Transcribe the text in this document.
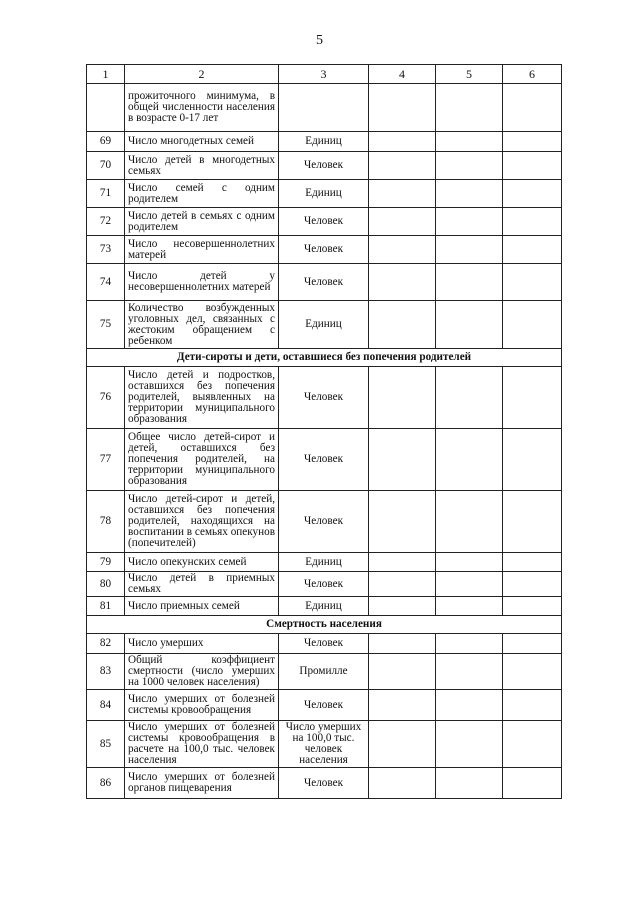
5
1	2	3	4	5	6
	прожиточного минимума, в общей численности населения в возрасте 0-17 лет				
69	Число многодетных семей	Единиц			
70	Число детей в многодетных семьях	Человек			
71	Число семей с одним родителем	Единиц			
72	Число детей в семьях с одним родителем	Человек			
73	Число несовершеннолетних матерей	Человек			
74	Число детей у несовершеннолетних матерей	Человек			
75	Количество возбужденных уголовных дел, связанных с жестоким обращением с ребенком	Единиц			
Дети-сироты и дети, оставшиеся без попечения родителей					
76	Число детей и подростков, оставшихся без попечения родителей, выявленных на территории муниципального образования	Человек			
77	Общее число детей-сирот и детей, оставшихся без попечения родителей, на территории муниципального образования	Человек			
78	Число детей-сирот и детей, оставшихся без попечения родителей, находящихся на воспитании в семьях опекунов (попечителей)	Человек			
79	Число опекунских семей	Единиц			
80	Число детей в приемных семьях	Человек			
81	Число приемных семей	Единиц			
Смертность населения					
82	Число умерших	Человек			
83	Общий коэффициент смертности (число умерших на 1000 человек населения)	Промилле			
84	Число умерших от болезней системы кровообращения	Человек			
85	Число умерших от болезней системы кровообращения в расчете на 100,0 тыс. человек населения	Число умерших на 100,0 тыс. человек населения			
86	Число умерших от болезней органов пищеварения	Человек			
